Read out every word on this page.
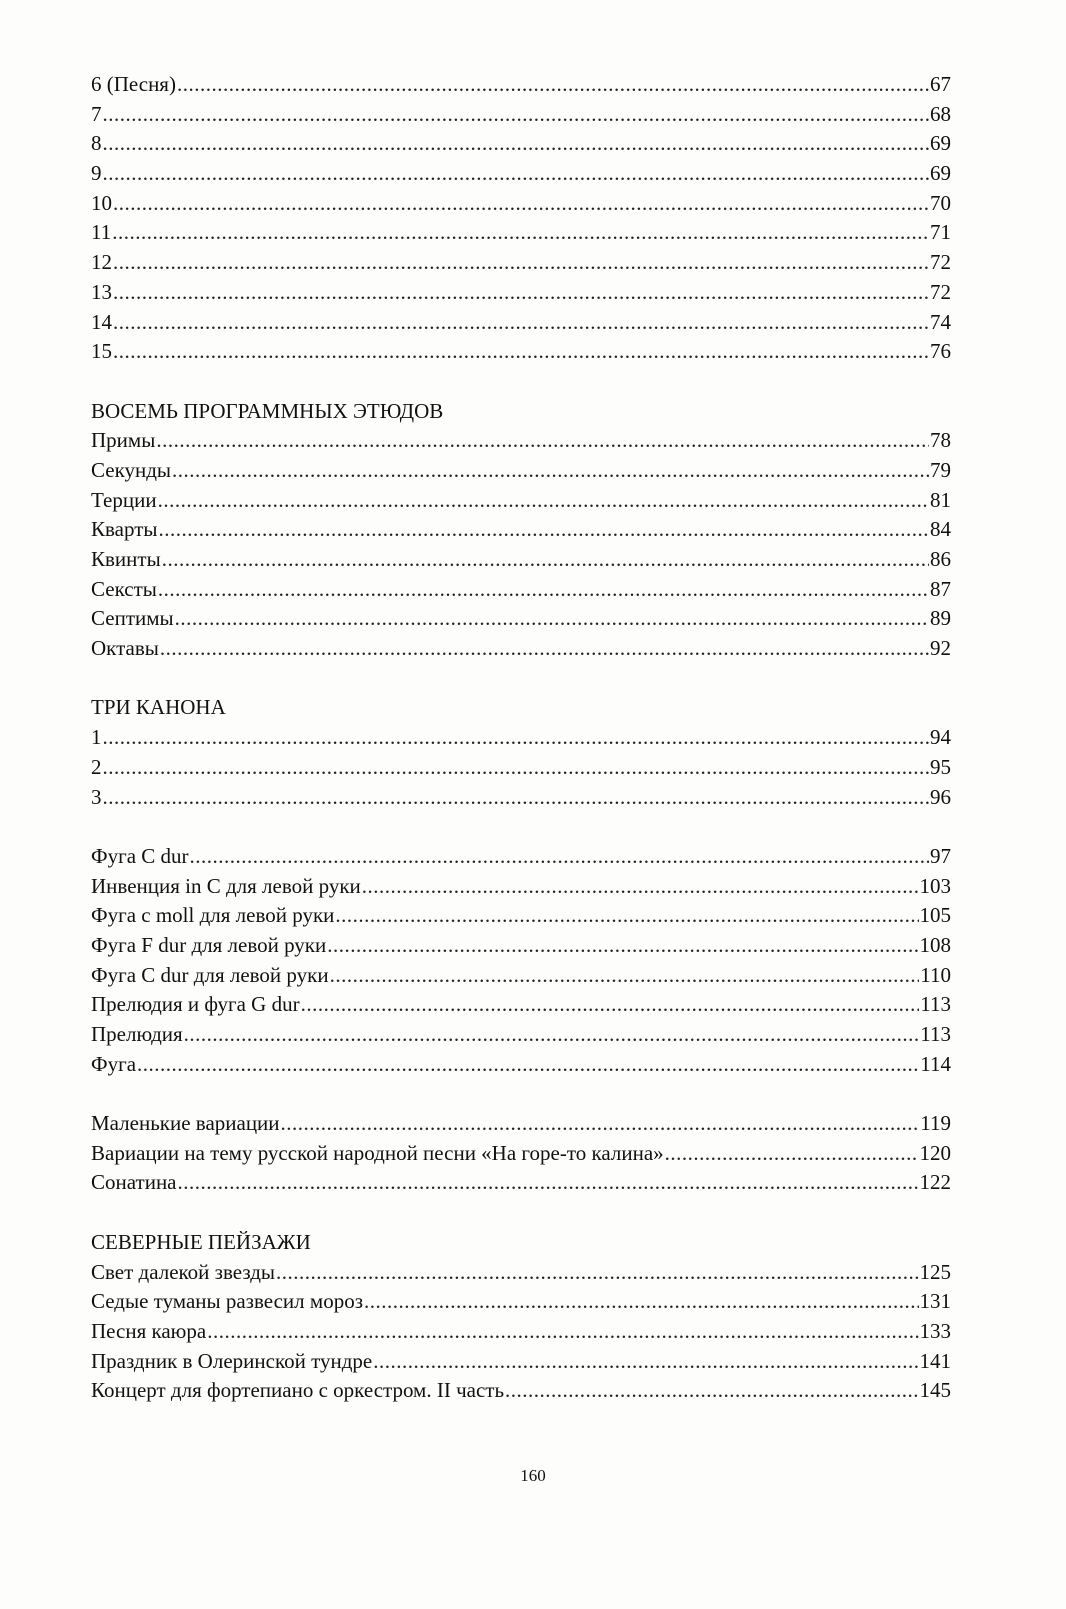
6 (Песня) .....	67
7 .....	68
8 .....	69
9 .....	69
10 .....	70
11 .....	71
12 .....	72
13 .....	72
14 .....	74
15 .....	76
ВОСЕМЬ ПРОГРАММНЫХ ЭТЮДОВ
Примы .....	78
Секунды .....	79
Терции .....	81
Кварты .....	84
Квинты .....	86
Сексты .....	87
Септимы .....	89
Октавы .....	92
ТРИ КАНОНА
1 .....	94
2 .....	95
3 .....	96
Фуга C dur .....	97
Инвенция in C для левой руки .....	103
Фуга c moll для левой руки .....	105
Фуга F dur для левой руки .....	108
Фуга C dur для левой руки .....	110
Прелюдия и фуга G dur .....	113
Прелюдия .....	113
Фуга .....	114
Маленькие вариации .....	119
Вариации на тему русской народной песни «На горе-то калина» .....	120
Сонатина .....	122
СЕВЕРНЫЕ ПЕЙЗАЖИ
Свет далекой звезды .....	125
Седые туманы развесил мороз .....	131
Песня каюра .....	133
Праздник в Олеринской тундре .....	141
Концерт для фортепиано с оркестром. II часть .....	145
160
